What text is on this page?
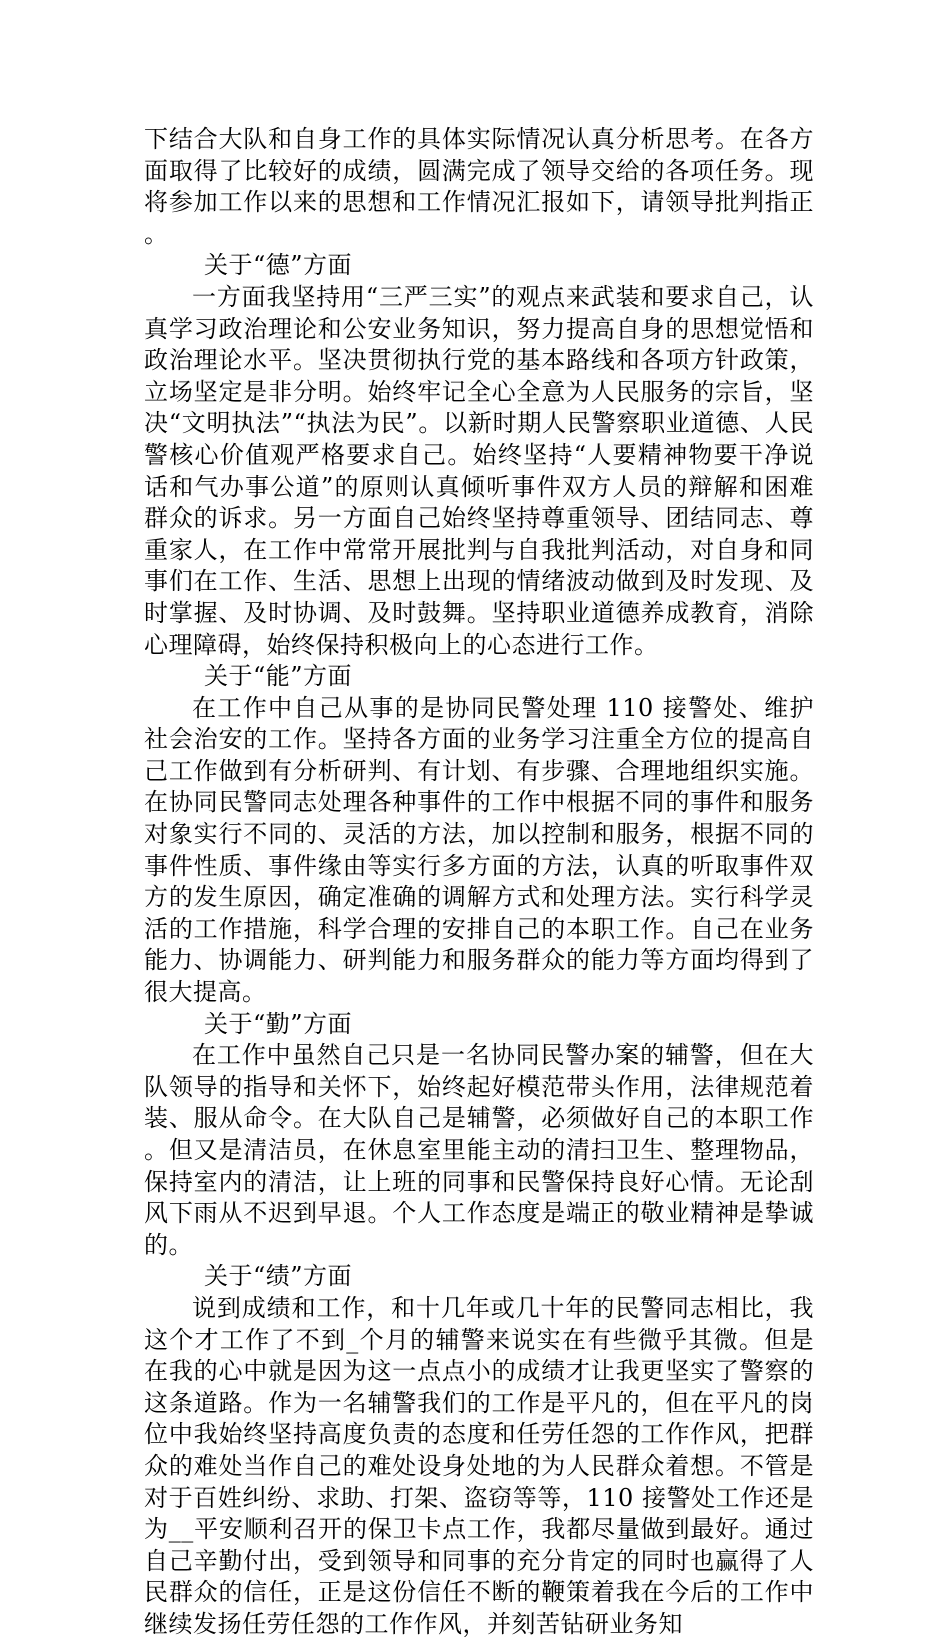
下结合大队和自身工作的具体实际情况认真分析思考。在各方面取得了比较好的成绩，圆满完成了领导交给的各项任务。现将参加工作以来的思想和工作情况汇报如下，请领导批判指正。

关于“德”方面

一方面我坚持用“三严三实”的观点来武装和要求自己，认真学习政治理论和公安业务知识，努力提高自身的思想觉悟和政治理论水平。坚决贯彻执行党的基本路线和各项方针政策，立场坚定是非分明。始终牢记全心全意为人民服务的宗旨，坚决“文明执法”“执法为民”。以新时期人民警察职业道德、人民警核心价值观严格要求自己。始终坚持“人要精神物要干净说话和气办事公道”的原则认真倾听事件双方人员的辩解和困难群众的诉求。另一方面自己始终坚持尊重领导、团结同志、尊重家人，在工作中常常开展批判与自我批判活动，对自身和同事们在工作、生活、思想上出现的情绪波动做到及时发现、及时掌握、及时协调、及时鼓舞。坚持职业道德养成教育，消除心理障碍，始终保持积极向上的心态进行工作。

关于“能”方面

在工作中自己从事的是协同民警处理 110 接警处、维护社会治安的工作。坚持各方面的业务学习注重全方位的提高自己工作做到有分析研判、有计划、有步骤、合理地组织实施。在协同民警同志处理各种事件的工作中根据不同的事件和服务对象实行不同的、灵活的方法，加以控制和服务，根据不同的事件性质、事件缘由等实行多方面的方法，认真的听取事件双方的发生原因，确定准确的调解方式和处理方法。实行科学灵活的工作措施，科学合理的安排自己的本职工作。自己在业务能力、协调能力、研判能力和服务群众的能力等方面均得到了很大提高。

关于“勤”方面

在工作中虽然自己只是一名协同民警办案的辅警，但在大队领导的指导和关怀下，始终起好模范带头作用，法律规范着装、服从命令。在大队自己是辅警，必须做好自己的本职工作。但又是清洁员，在休息室里能主动的清扫卫生、整理物品，保持室内的清洁，让上班的同事和民警保持良好心情。无论刮风下雨从不迟到早退。个人工作态度是端正的敬业精神是挚诚的。

关于“绩”方面

说到成绩和工作，和十几年或几十年的民警同志相比，我这个才工作了不到_个月的辅警来说实在有些微乎其微。但是在我的心中就是因为这一点点小的成绩才让我更坚实了警察的这条道路。作为一名辅警我们的工作是平凡的，但在平凡的岗位中我始终坚持高度负责的态度和任劳任怨的工作作风，把群众的难处当作自己的难处设身处地的为人民群众着想。不管是对于百姓纠纷、求助、打架、盗窃等等，110 接警处工作还是为__平安顺利召开的保卫卡点工作，我都尽量做到最好。通过自己辛勤付出，受到领导和同事的充分肯定的同时也赢得了人民群众的信任，正是这份信任不断的鞭策着我在今后的工作中继续发扬任劳任怨的工作作风，并刻苦钻研业务知
